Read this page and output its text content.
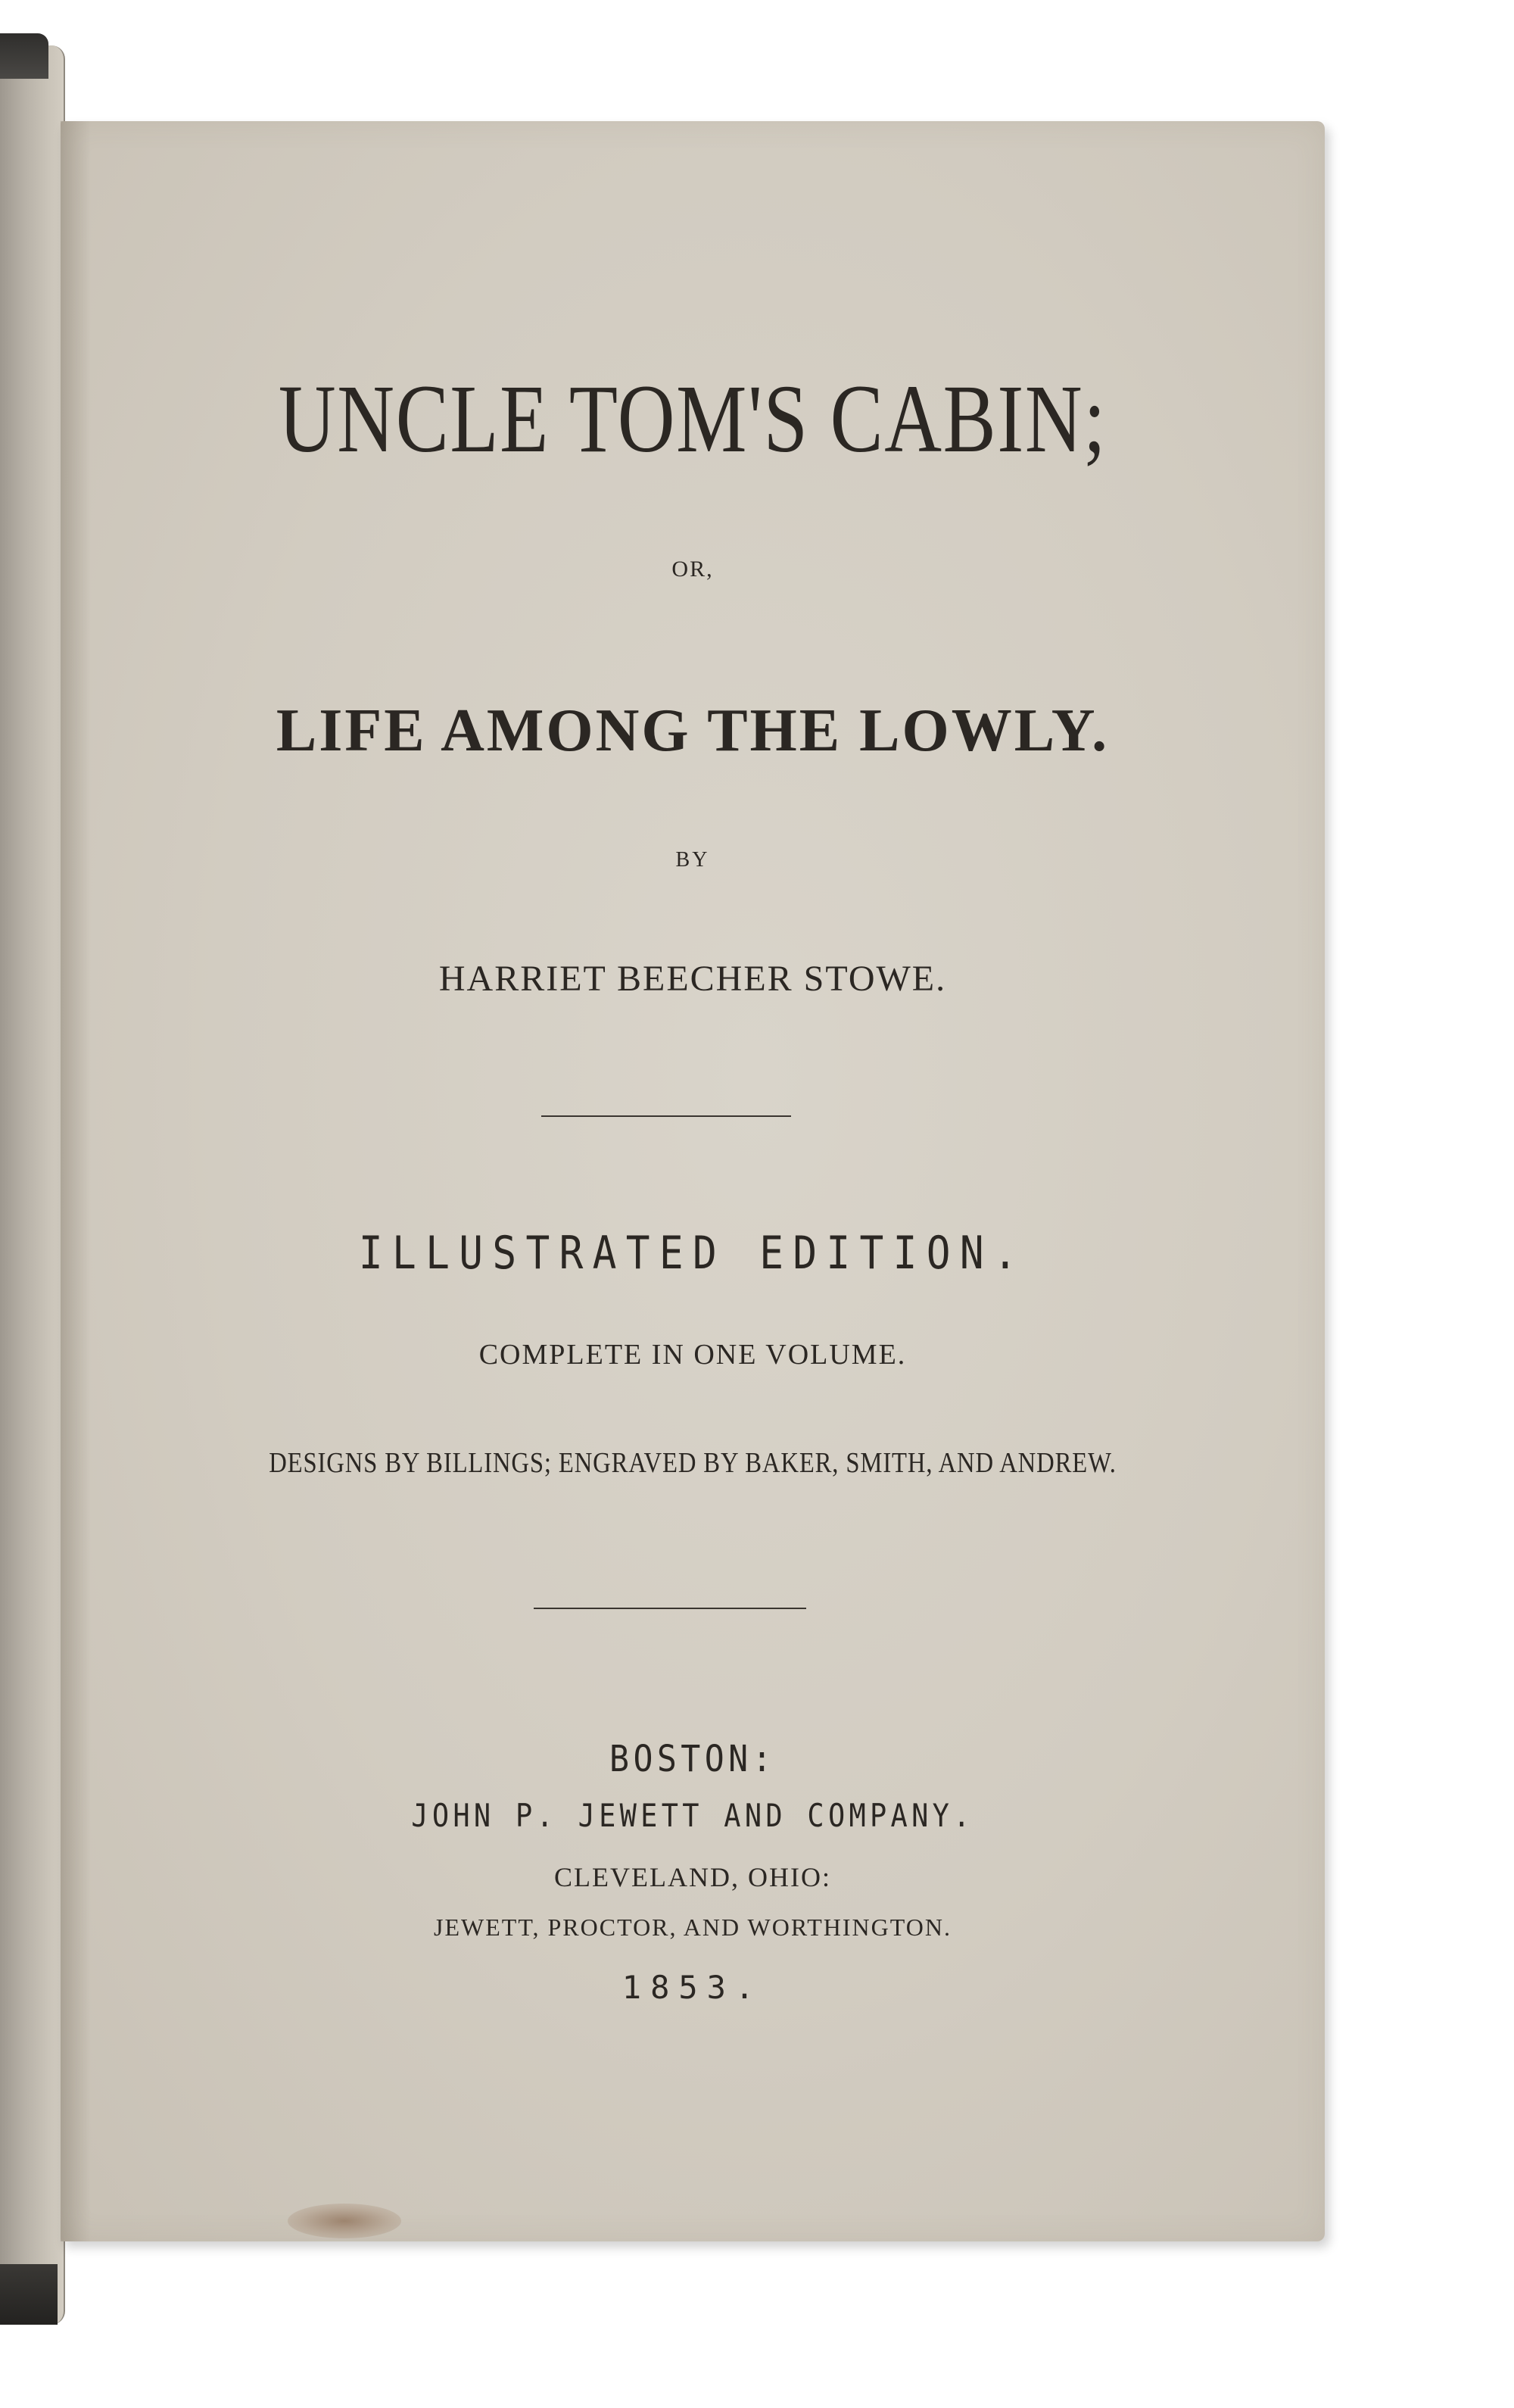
UNCLE TOM'S CABIN;

OR,

LIFE AMONG THE LOWLY.

BY

HARRIET BEECHER STOWE.

ILLUSTRATED EDITION.

COMPLETE IN ONE VOLUME.

DESIGNS BY BILLINGS; ENGRAVED BY BAKER, SMITH, AND ANDREW.

BOSTON:

JOHN P. JEWETT AND COMPANY.

CLEVELAND, OHIO:

JEWETT, PROCTOR, AND WORTHINGTON.

1853.
